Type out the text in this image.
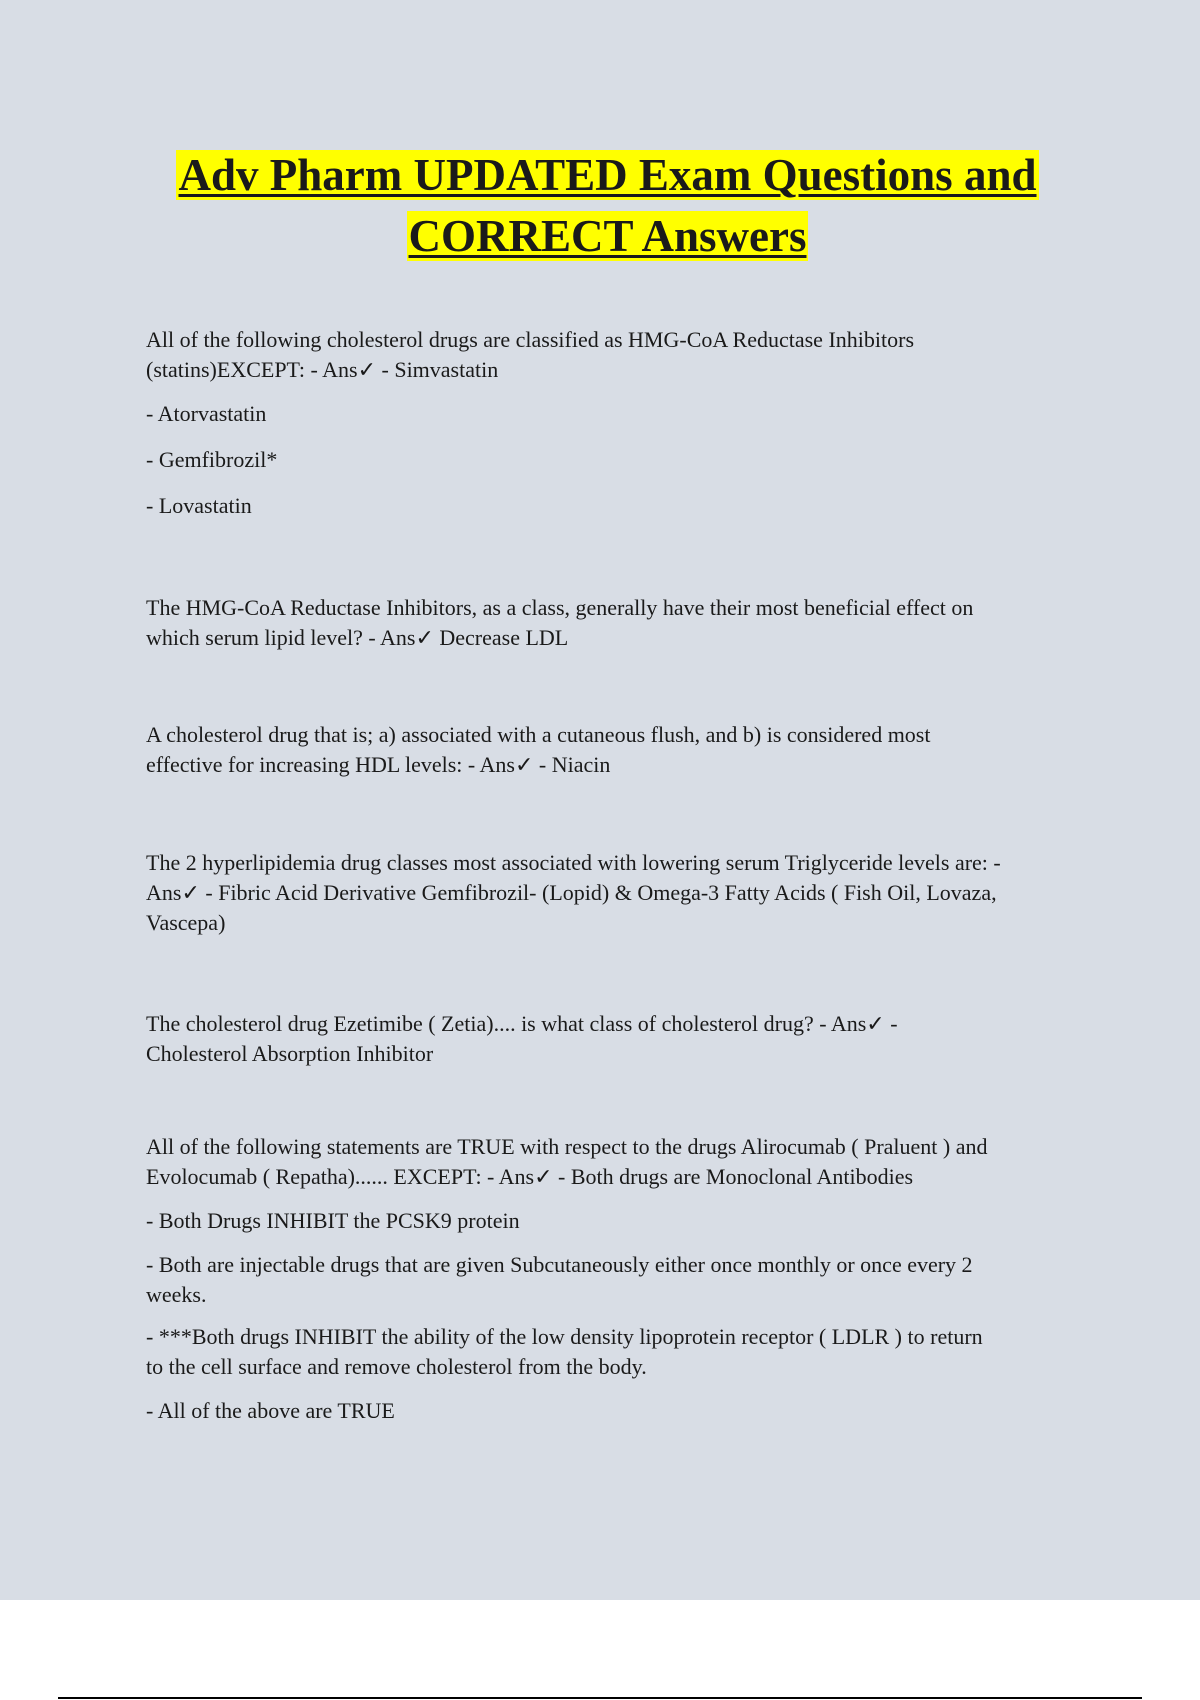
Adv Pharm UPDATED Exam Questions and
CORRECT Answers

All of the following cholesterol drugs are classified as HMG-CoA Reductase Inhibitors
(statins)EXCEPT: - Ans✓ - Simvastatin

- Atorvastatin

- Gemfibrozil*

- Lovastatin

The HMG-CoA Reductase Inhibitors, as a class, generally have their most beneficial effect on
which serum lipid level? - Ans✓ Decrease LDL

A cholesterol drug that is; a) associated with a cutaneous flush, and b) is considered most
effective for increasing HDL levels: - Ans✓ - Niacin

The 2 hyperlipidemia drug classes most associated with lowering serum Triglyceride levels are: -
Ans✓ - Fibric Acid Derivative Gemfibrozil- (Lopid) & Omega-3 Fatty Acids ( Fish Oil, Lovaza,
Vascepa)

The cholesterol drug Ezetimibe ( Zetia).... is what class of cholesterol drug? - Ans✓ -
Cholesterol Absorption Inhibitor

All of the following statements are TRUE with respect to the drugs Alirocumab ( Praluent ) and
Evolocumab ( Repatha)...... EXCEPT: - Ans✓ - Both drugs are Monoclonal Antibodies

- Both Drugs INHIBIT the PCSK9 protein

- Both are injectable drugs that are given Subcutaneously either once monthly or once every 2
weeks.

- ***Both drugs INHIBIT the ability of the low density lipoprotein receptor ( LDLR ) to return
to the cell surface and remove cholesterol from the body.

- All of the above are TRUE
